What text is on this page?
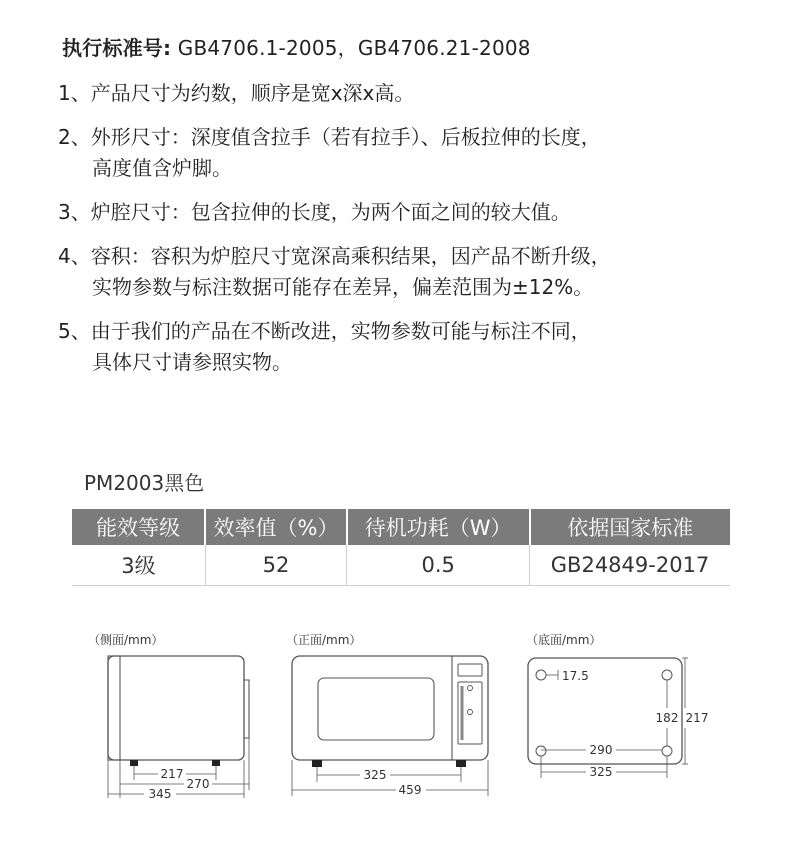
执行标准号: GB4706.1-2005，GB4706.21-2008
1、产品尺寸为约数，顺序是宽x深x高。
2、外形尺寸：深度值含拉手（若有拉手）、后板拉伸的长度，
高度值含炉脚。
3、炉腔尺寸：包含拉伸的长度，为两个面之间的较大值。
4、容积：容积为炉腔尺寸宽深高乘积结果，因产品不断升级，
实物参数与标注数据可能存在差异，偏差范围为±12%。
5、由于我们的产品在不断改进，实物参数可能与标注不同，
具体尺寸请参照实物。
PM2003黑色
能效等级	效率值（%）	待机功耗（W）	依据国家标准
3级	52	0.5	GB24849-2017
（侧面/mm）
217
270
345
（正面/mm）
325
459
（底面/mm）
17.5
182 217
290
325
